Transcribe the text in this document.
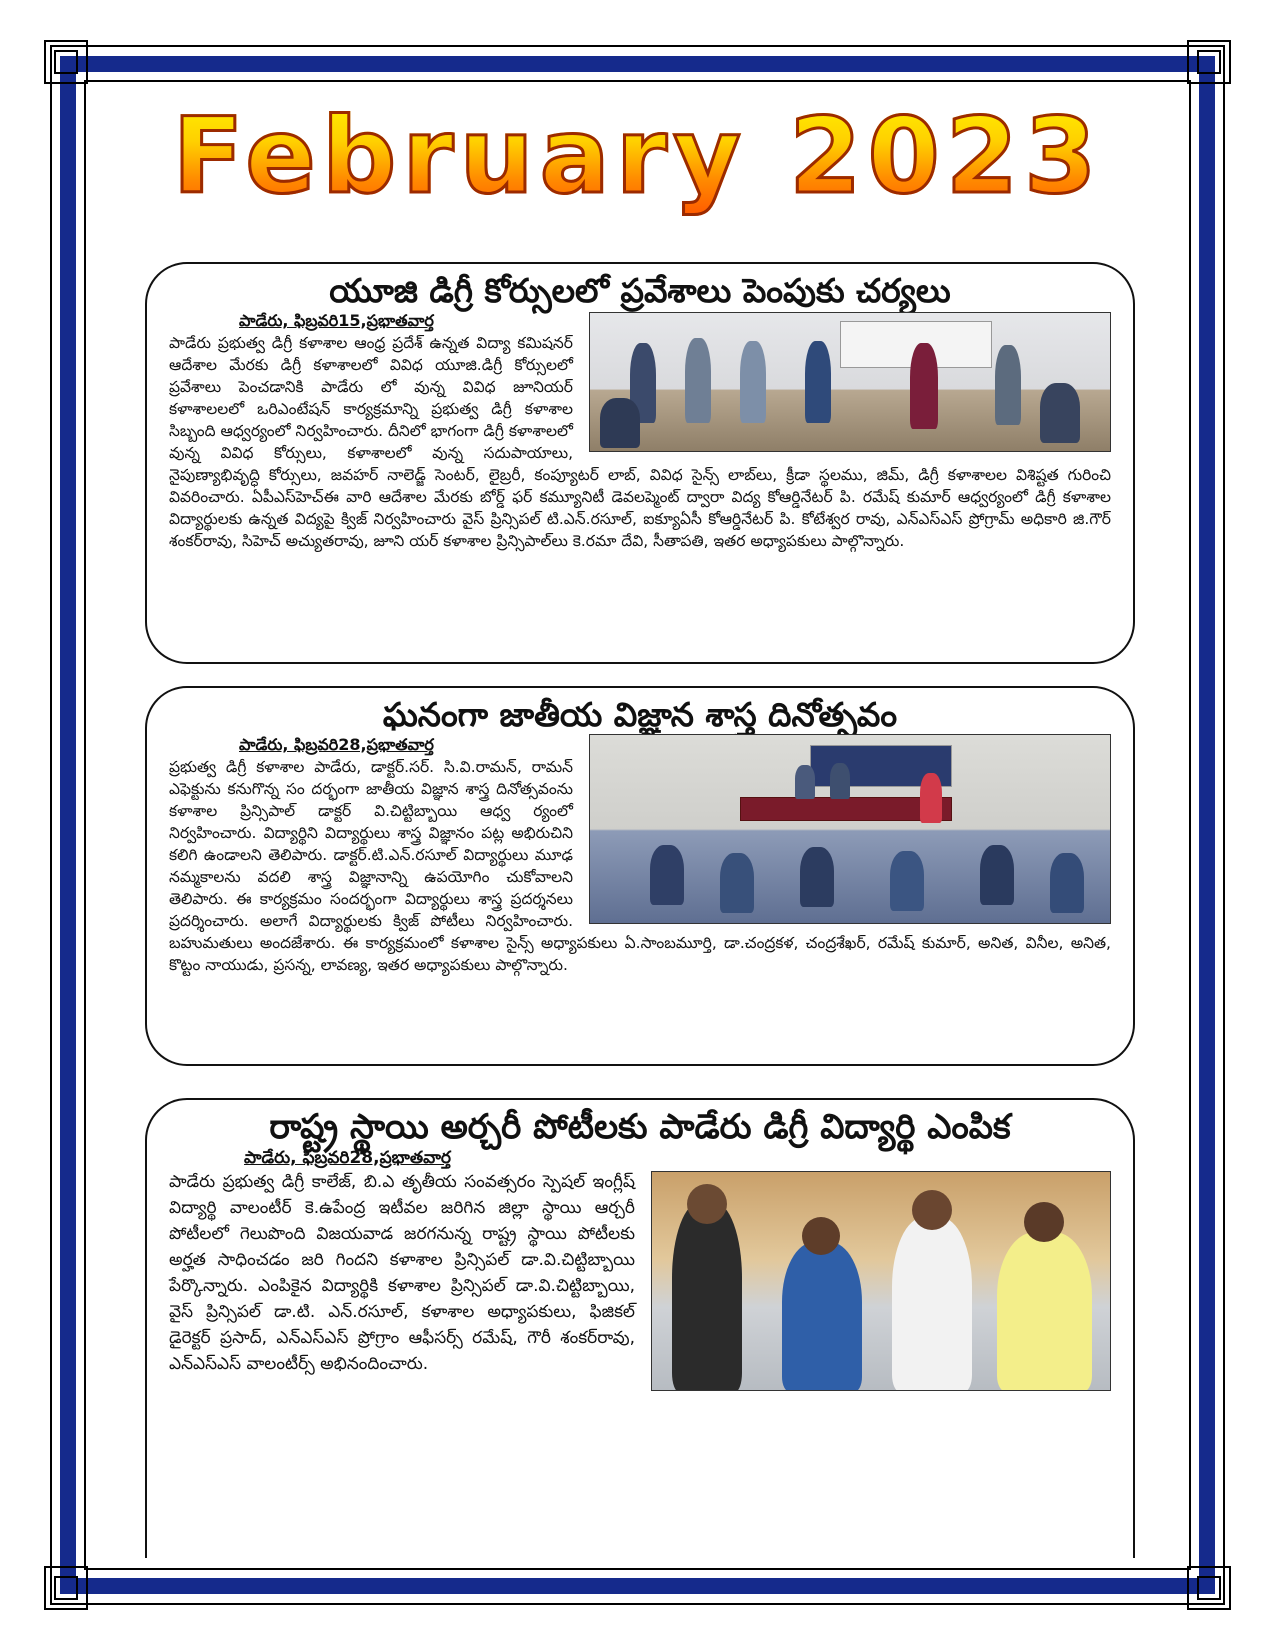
February 2023
యూజి డిగ్రీ కోర్సులలో ప్రవేశాలు పెంపుకు చర్యలు
పాడేరు, ఫిబ్రవరి15,ప్రభాతవార్త
పాడేరు ప్రభుత్వ డిగ్రీ కళాశాల ఆంధ్ర ప్రదేశ్ ఉన్నత విద్యా కమిషనర్ ఆదేశాల మేరకు డిగ్రీ కళాశాలలో వివిధ యూజి.డిగ్రీ కోర్సులలో ప్రవేశాలు పెంచడానికి పాడేరు లో వున్న వివిధ జూనియర్ కళాశాలలలో ఒరిఎంటేషన్ కార్యక్రమాన్ని ప్రభుత్వ డిగ్రీ కళాశాల సిబ్బంది ఆధ్వర్యంలో నిర్వహించారు. దీనిలో భాగంగా డిగ్రీ కళాశాలలో వున్న వివిధ కోర్సులు, కళాశాలలో వున్న సదుపాయాలు, నైపుణ్యాభివృద్ధి కోర్సులు, జవహర్ నాలెడ్జ్ సెంటర్, లైబ్రరీ, కంప్యూటర్ లాబ్, వివిధ సైన్స్ లాబ్‌లు, క్రీడా స్థలము, జిమ్, డిగ్రీ కళాశాలల విశిష్టత గురించి వివరించారు. ఏపీఎస్‌హెచ్ఈ వారి ఆదేశాల మేరకు బోర్డ్ ఫర్ కమ్యూనిటీ డెవలప్మెంట్ ద్వారా విద్య కోఆర్డినేటర్ పి. రమేష్ కుమార్ ఆధ్వర్యంలో డిగ్రీ కళాశాల విద్యార్థులకు ఉన్నత విద్యపై క్విజ్ నిర్వహించారు వైస్ ప్రిన్సిపల్ టి.ఎన్.రసూల్, ఐక్యూఏసీ కోఆర్డినేటర్ పి. కోటేశ్వర రావు, ఎన్ఎస్ఎస్ ప్రోగ్రామ్ అధికారి జి.గౌర్ శంకర్‌రావు, సిహెచ్ అచ్యుతరావు, జూని యర్ కళాశాల ప్రిన్సిపాల్‌లు కె.రమా దేవి, సీతాపతి, ఇతర అధ్యాపకులు పాల్గొన్నారు.
ఘనంగా జాతీయ విజ్ఞాన శాస్త్ర దినోత్సవం
పాడేరు, ఫిబ్రవరి28,ప్రభాతవార్త
ప్రభుత్వ డిగ్రీ కళాశాల పాడేరు, డాక్టర్.సర్. సి.వి.రామన్, రామన్ ఎఫెక్టును కనుగొన్న సం దర్భంగా జాతీయ విజ్ఞాన శాస్త్ర దినోత్సవంను కళాశాల ప్రిన్సిపాల్ డాక్టర్ వి.చిట్టిబ్బాయి ఆధ్వ ర్యంలో నిర్వహించారు. విద్యార్థిని విద్యార్థులు శాస్త్ర విజ్ఞానం పట్ల అభిరుచిని కలిగి ఉండాలని తెలిపారు. డాక్టర్.టి.ఎన్.రసూల్ విద్యార్థులు మూఢ నమ్మకాలను వదలి శాస్త్ర విజ్ఞానాన్ని ఉపయోగిం చుకోవాలని తెలిపారు. ఈ కార్యక్రమం సందర్భంగా విద్యార్థులు శాస్త్ర ప్రదర్శనలు ప్రదర్శించారు. అలాగే విద్యార్థులకు క్విజ్ పోటీలు నిర్వహించారు. బహుమతులు అందజేశారు. ఈ కార్యక్రమంలో కళాశాల సైన్స్ అధ్యాపకులు ఏ.సాంబమూర్తి, డా.చంద్రకళ, చంద్రశేఖర్, రమేష్ కుమార్, అనిత, వినీల, అనిత, కొట్టం నాయుడు, ప్రసన్న, లావణ్య, ఇతర అధ్యాపకులు పాల్గొన్నారు.
రాష్ట్ర స్థాయి అర్చరీ పోటీలకు పాడేరు డిగ్రీ విద్యార్థి ఎంపిక
పాడేరు, ఫిబ్రవరి28,ప్రభాతవార్త
పాడేరు ప్రభుత్వ డిగ్రీ కాలేజ్, బి.ఎ తృతీయ సంవత్సరం స్పెషల్ ఇంగ్లీష్ విద్యార్థి వాలంటీర్ కె.ఉపేంద్ర ఇటీవల జరిగిన జిల్లా స్థాయి ఆర్చరీ పోటీలలో గెలుపొంది విజయవాడ జరగనున్న రాష్ట్ర స్థాయి పోటీలకు అర్హత సాధించడం జరి గిందని కళాశాల ప్రిన్సిపల్ డా.వి.చిట్టిబ్బాయి పేర్కొన్నారు. ఎంపికైన విద్యార్థికి కళాశాల ప్రిన్సిపల్ డా.వి.చిట్టిబ్బాయి, వైస్ ప్రిన్సిపల్ డా.టి. ఎన్.రసూల్, కళాశాల అధ్యాపకులు, ఫిజికల్ డైరెక్టర్ ప్రసాద్, ఎన్ఎస్ఎస్ ప్రోగ్రాం ఆఫీసర్స్ రమేష్, గౌరీ శంకర్‌రావు, ఎన్ఎస్ఎస్ వాలంటీర్స్ అభినందించారు.
